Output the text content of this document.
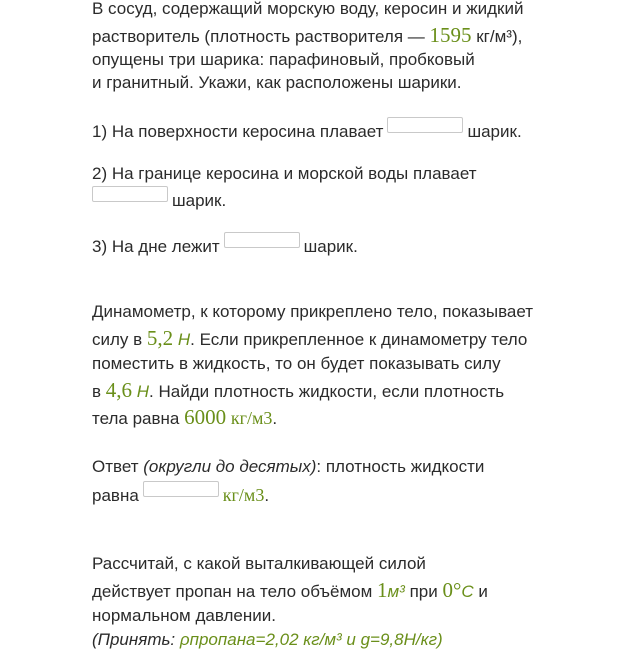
В сосуд, содержащий морскую воду, керосин и жидкий

растворитель (плотность растворителя — 1595 кг/м³),

опущены три шарика: парафиновый, пробковый

и гранитный. Укажи, как расположены шарики.

1) На поверхности керосина плавает	шарик.

2) На границе керосина и морской воды плавает

шарик.

3) На дне лежит	шарик.

Динамометр, к которому прикреплено тело, показывает

силу в 5,2 Н. Если прикрепленное к динамометру тело

поместить в жидкость, то он будет показывать силу

в 4,6 Н. Найди плотность жидкости, если плотность

тела равна 6000 кг/м3.

Ответ (округли до десятых): плотность жидкости

равна	кг/м3.

Рассчитай, с какой выталкивающей силой

действует пропан на тело объёмом 1м³ при 0°С и

нормальном давлении.

(Принять: ρпропана=2,02 кг/м³ и g=9,8Н/кг)
